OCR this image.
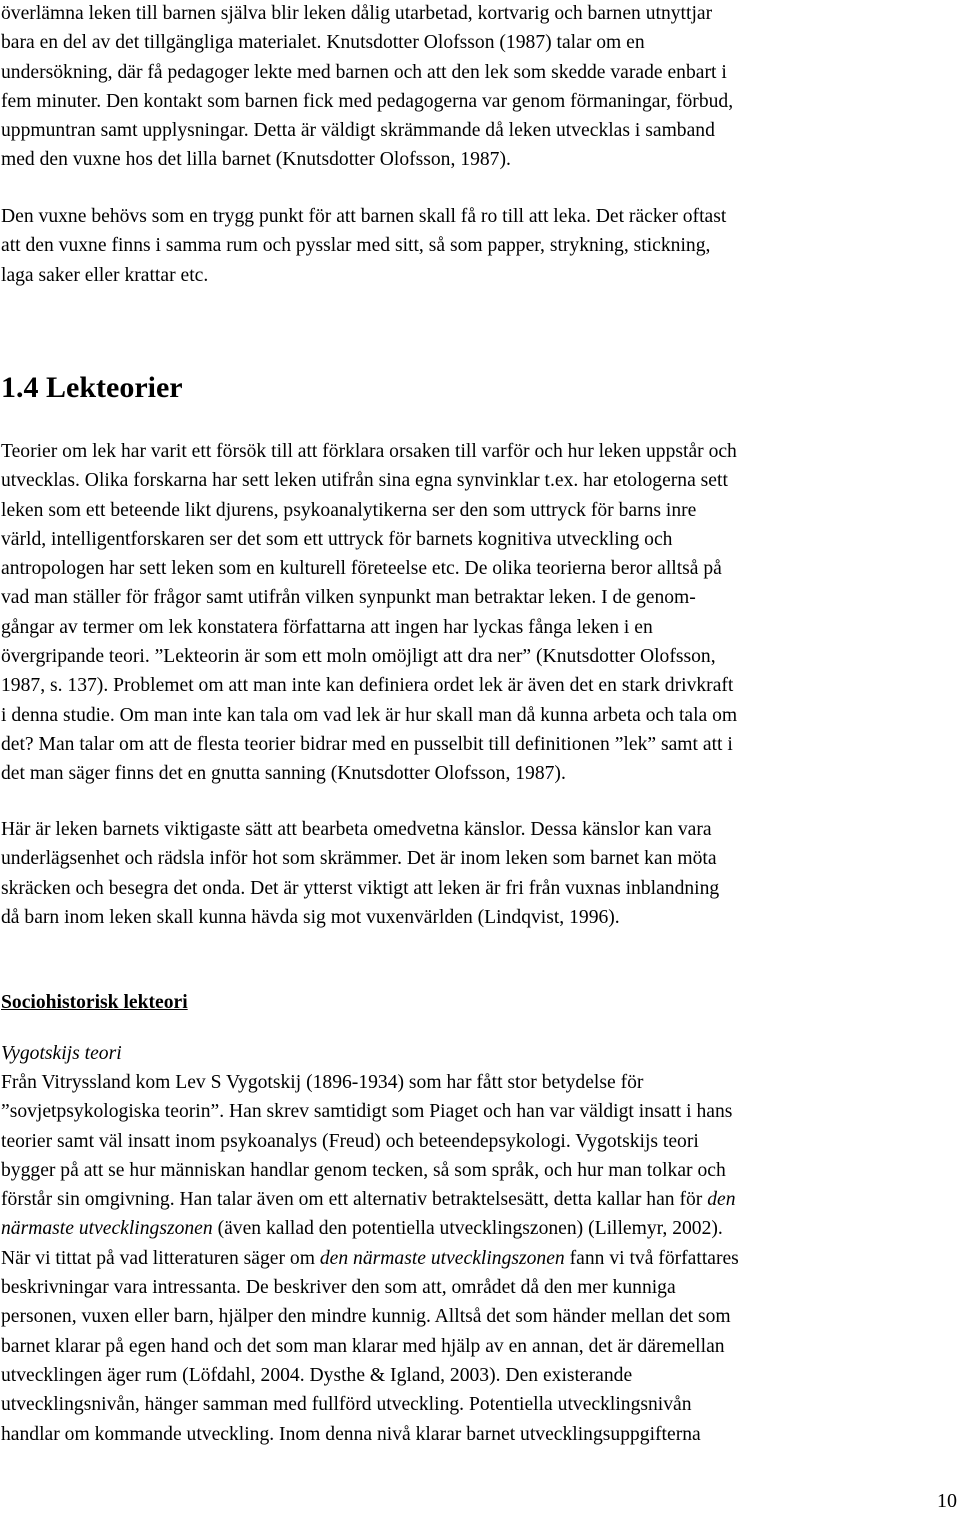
överlämna leken till barnen själva blir leken dålig utarbetad, kortvarig och barnen utnyttjar
bara en del av det tillgängliga materialet. Knutsdotter Olofsson (1987) talar om en
undersökning, där få pedagoger lekte med barnen och att den lek som skedde varade enbart i
fem minuter. Den kontakt som barnen fick med pedagogerna var genom förmaningar, förbud,
uppmuntran samt upplysningar. Detta är väldigt skrämmande då leken utvecklas i samband
med den vuxne hos det lilla barnet (Knutsdotter Olofsson, 1987).

Den vuxne behövs som en trygg punkt för att barnen skall få ro till att leka. Det räcker oftast
att den vuxne finns i samma rum och pysslar med sitt, så som papper, strykning, stickning,
laga saker eller krattar etc.

1.4 Lekteorier

Teorier om lek har varit ett försök till att förklara orsaken till varför och hur leken uppstår och
utvecklas. Olika forskarna har sett leken utifrån sina egna synvinklar t.ex. har etologerna sett
leken som ett beteende likt djurens, psykoanalytikerna ser den som uttryck för barns inre
värld, intelligentforskaren ser det som ett uttryck för barnets kognitiva utveckling och
antropologen har sett leken som en kulturell företeelse etc. De olika teorierna beror alltså på
vad man ställer för frågor samt utifrån vilken synpunkt man betraktar leken. I de genom-
gångar av termer om lek konstatera författarna att ingen har lyckas fånga leken i en
övergripande teori. ”Lekteorin är som ett moln omöjligt att dra ner” (Knutsdotter Olofsson,
1987, s. 137). Problemet om att man inte kan definiera ordet lek är även det en stark drivkraft
i denna studie. Om man inte kan tala om vad lek är hur skall man då kunna arbeta och tala om
det? Man talar om att de flesta teorier bidrar med en pusselbit till definitionen ”lek” samt att i
det man säger finns det en gnutta sanning (Knutsdotter Olofsson, 1987).

Här är leken barnets viktigaste sätt att bearbeta omedvetna känslor. Dessa känslor kan vara
underlägsenhet och rädsla inför hot som skrämmer. Det är inom leken som barnet kan möta
skräcken och besegra det onda. Det är ytterst viktigt att leken är fri från vuxnas inblandning
då barn inom leken skall kunna hävda sig mot vuxenvärlden (Lindqvist, 1996).

Sociohistorisk lekteori
Vygotskijs teori

Från Vitryssland kom Lev S Vygotskij (1896-1934) som har fått stor betydelse för
”sovjetpsykologiska teorin”. Han skrev samtidigt som Piaget och han var väldigt insatt i hans
teorier samt väl insatt inom psykoanalys (Freud) och beteendepsykologi. Vygotskijs teori
bygger på att se hur människan handlar genom tecken, så som språk, och hur man tolkar och
förstår sin omgivning. Han talar även om ett alternativ betraktelsesätt, detta kallar han för den
närmaste utvecklingszonen (även kallad den potentiella utvecklingszonen) (Lillemyr, 2002).
När vi tittat på vad litteraturen säger om den närmaste utvecklingszonen fann vi två författares
beskrivningar vara intressanta. De beskriver den som att, området då den mer kunniga
personen, vuxen eller barn, hjälper den mindre kunnig. Alltså det som händer mellan det som
barnet klarar på egen hand och det som man klarar med hjälp av en annan, det är däremellan
utvecklingen äger rum (Löfdahl, 2004. Dysthe & Igland, 2003). Den existerande
utvecklingsnivån, hänger samman med fullförd utveckling. Potentiella utvecklingsnivån
handlar om kommande utveckling. Inom denna nivå klarar barnet utvecklingsuppgifterna

10
